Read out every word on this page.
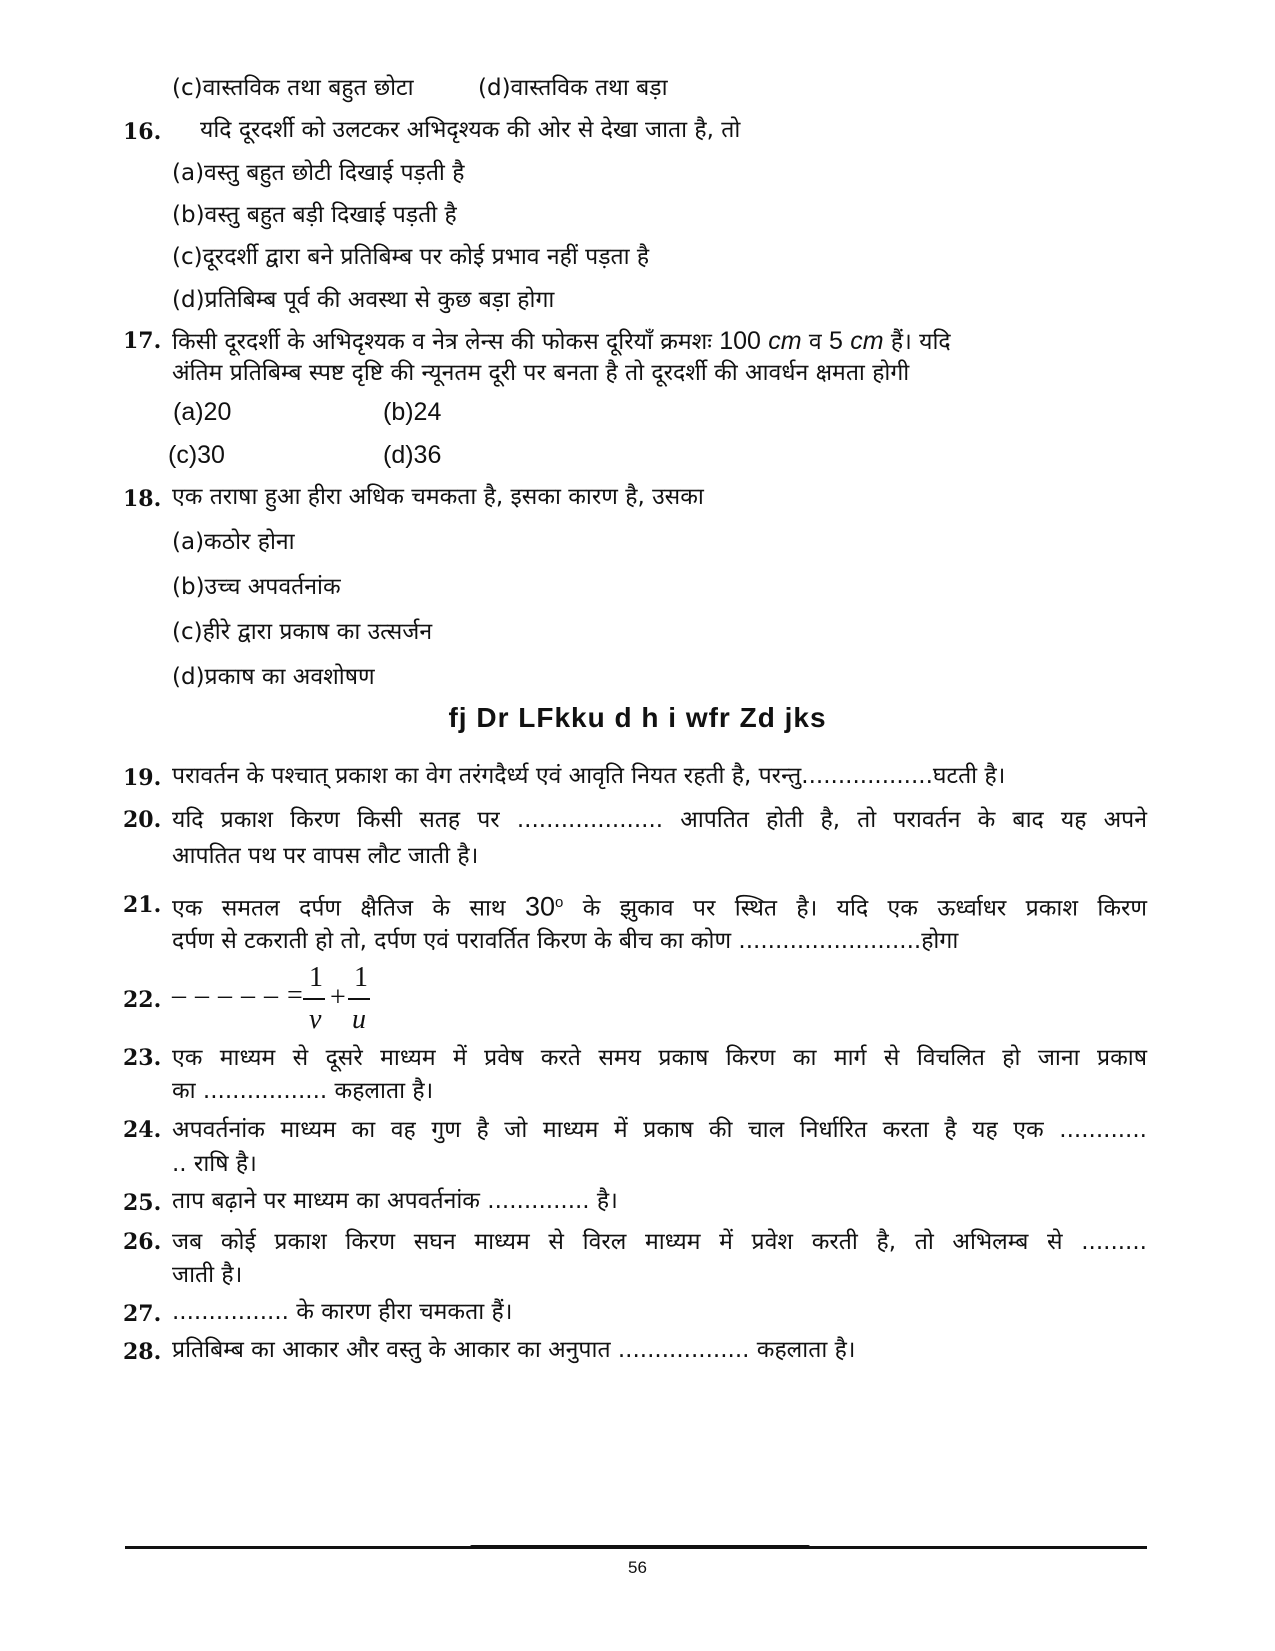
(c)वास्तविक तथा बहुत छोटा	(d)वास्तविक तथा बड़ा
16. यदि दूरदर्शी को उलटकर अभिदृश्यक की ओर से देखा जाता है, तो
(a)वस्तु बहुत छोटी दिखाई पड़ती है
(b)वस्तु बहुत बड़ी दिखाई पड़ती है
(c)दूरदर्शी द्वारा बने प्रतिबिम्ब पर कोई प्रभाव नहीं पड़ता है
(d)प्रतिबिम्ब पूर्व की अवस्था से कुछ बड़ा होगा
17. किसी दूरदर्शी के अभिदृश्यक व नेत्र लेन्स की फोकस दूरियाँ क्रमशः 100 cm व 5 cm हैं। यदि
अंतिम प्रतिबिम्ब स्पष्ट दृष्टि की न्यूनतम दूरी पर बनता है तो दूरदर्शी की आवर्धन क्षमता होगी
(a)20	(b)24
(c)30	(d)36
18. एक तराषा हुआ हीरा अधिक चमकता है, इसका कारण है, उसका
(a)कठोर होना
(b)उच्च अपवर्तनांक
(c)हीरे द्वारा प्रकाष का उत्सर्जन
(d)प्रकाष का अवशोषण
fj Dr LFkku d h i wfr Zd jks
19. परावर्तन के पश्चात् प्रकाश का वेग तरंगदैर्ध्य एवं आवृति नियत रहती है, परन्तु..................घटती है।
20. यदि प्रकाश किरण किसी सतह पर .................... आपतित होती है, तो परावर्तन के बाद यह अपने
आपतित पथ पर वापस लौट जाती है।
21. एक समतल दर्पण क्षैतिज के साथ 30$^o$ के झुकाव पर स्थित है। यदि एक ऊर्ध्वाधर प्रकाश किरण
दर्पण से टकराती हो तो, दर्पण एवं परावर्तित किरण के बीच का कोण .........................होगा
22. – – – – – =
1
v
+
1
u
23. एक माध्यम से दूसरे माध्यम में प्रवेष करते समय प्रकाष किरण का मार्ग से विचलित हो जाना प्रकाष
का ................. कहलाता है।
24. अपवर्तनांक माध्यम का वह गुण है जो माध्यम में प्रकाष की चाल निर्धारित करता है यह एक ............
.. राषि है।
25. ताप बढ़ाने पर माध्यम का अपवर्तनांक .............. है।
26. जब कोई प्रकाश किरण सघन माध्यम से विरल माध्यम में प्रवेश करती है, तो अभिलम्ब से .........
जाती है।
27. ................ के कारण हीरा चमकता हैं।
28. प्रतिबिम्ब का आकार और वस्तु के आकार का अनुपात .................. कहलाता है।
56
